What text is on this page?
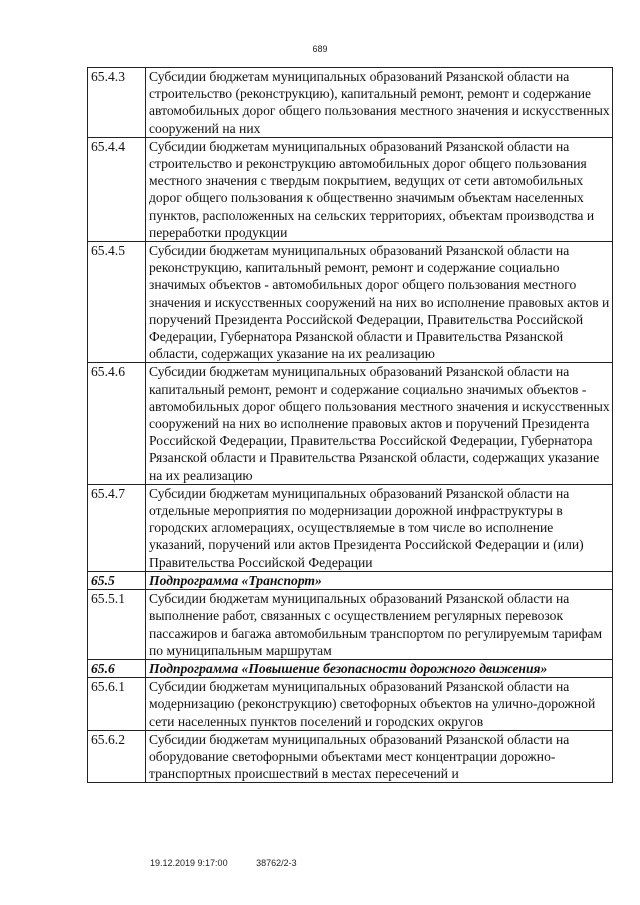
689
65.4.3	Субсидии бюджетам муниципальных образований Рязанской области на строительство (реконструкцию), капитальный ремонт, ремонт и содержание автомобильных дорог общего пользования местного значения и искусственных сооружений на них
65.4.4	Субсидии бюджетам муниципальных образований Рязанской области на строительство и реконструкцию автомобильных дорог общего пользования местного значения с твердым покрытием, ведущих от сети автомобильных дорог общего пользования к общественно значимым объектам населенных пунктов, расположенных на сельских территориях, объектам производства и переработки продукции
65.4.5	Субсидии бюджетам муниципальных образований Рязанской области на реконструкцию, капитальный ремонт, ремонт и содержание социально значимых объектов - автомобильных дорог общего пользования местного значения и искусственных сооружений на них во исполнение правовых актов и поручений Президента Российской Федерации, Правительства Российской Федерации, Губернатора Рязанской области и Правительства Рязанской области, содержащих указание на их реализацию
65.4.6	Субсидии бюджетам муниципальных образований Рязанской области на капитальный ремонт, ремонт и содержание социально значимых объектов - автомобильных дорог общего пользования местного значения и искусственных сооружений на них во исполнение правовых актов и поручений Президента Российской Федерации, Правительства Российской Федерации, Губернатора Рязанской области и Правительства Рязанской области, содержащих указание на их реализацию
65.4.7	Субсидии бюджетам муниципальных образований Рязанской области на отдельные мероприятия по модернизации дорожной инфраструктуры в городских агломерациях, осуществляемые в том числе во исполнение указаний, поручений или актов Президента Российской Федерации и (или) Правительства Российской Федерации
65.5	Подпрограмма «Транспорт»
65.5.1	Субсидии бюджетам муниципальных образований Рязанской области на выполнение работ, связанных с осуществлением регулярных перевозок пассажиров и багажа автомобильным транспортом по регулируемым тарифам по муниципальным маршрутам
65.6	Подпрограмма «Повышение безопасности дорожного движения»
65.6.1	Субсидии бюджетам муниципальных образований Рязанской области на модернизацию (реконструкцию) светофорных объектов на улично-дорожной сети населенных пунктов поселений и городских округов
65.6.2	Субсидии бюджетам муниципальных образований Рязанской области на оборудование светофорными объектами мест концентрации дорожно-транспортных происшествий в местах пересечений и
19.12.2019 9:17:00	38762/2-3
